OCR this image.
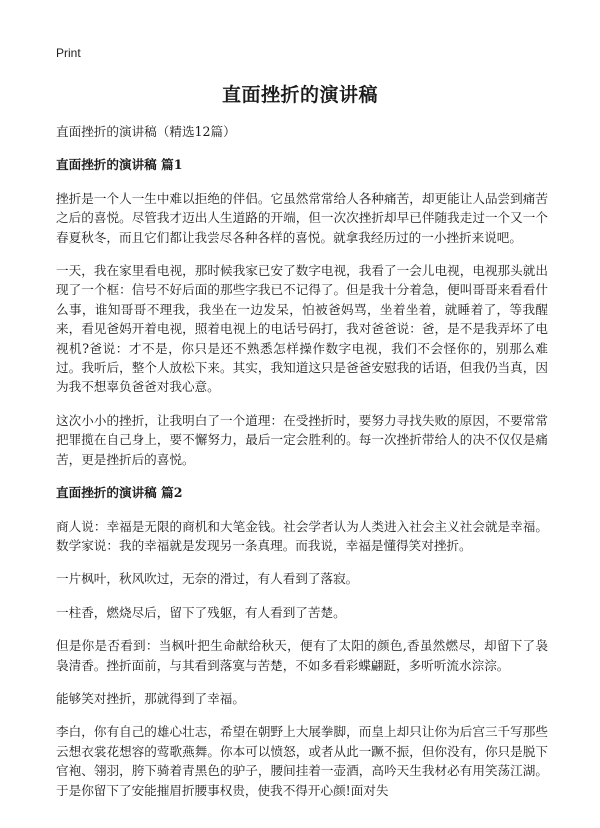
Print
直面挫折的演讲稿

直面挫折的演讲稿（精选12篇）

直面挫折的演讲稿 篇1

挫折是一个人一生中难以拒绝的伴侣。它虽然常常给人各种痛苦，却更能让人品尝到痛苦之后的喜悦。尽管我才迈出人生道路的开端，但一次次挫折却早已伴随我走过一个又一个春夏秋冬，而且它们都让我尝尽各种各样的喜悦。就拿我经历过的一小挫折来说吧。

一天，我在家里看电视，那时候我家已安了数字电视，我看了一会儿电视，电视那头就出现了一个框：信号不好后面的那些字我已不记得了。但是我十分着急，便叫哥哥来看看什么事，谁知哥哥不理我，我坐在一边发呆，怕被爸妈骂，坐着坐着，就睡着了，等我醒来，看见爸妈开着电视，照着电视上的电话号码打，我对爸爸说：爸，是不是我弄坏了电视机?爸说：才不是，你只是还不熟悉怎样操作数字电视，我们不会怪你的，别那么难过。我听后，整个人放松下来。其实，我知道这只是爸爸安慰我的话语，但我仍当真，因为我不想辜负爸爸对我心意。

这次小小的挫折，让我明白了一个道理：在受挫折时，要努力寻找失败的原因，不要常常把罪揽在自己身上，要不懈努力，最后一定会胜利的。每一次挫折带给人的决不仅仅是痛苦，更是挫折后的喜悦。

直面挫折的演讲稿 篇2

商人说：幸福是无限的商机和大笔金钱。社会学者认为人类进入社会主义社会就是幸福。数学家说：我的幸福就是发现另一条真理。而我说，幸福是懂得笑对挫折。

一片枫叶，秋风吹过，无奈的滑过，有人看到了落寂。

一柱香，燃烧尽后，留下了残躯，有人看到了苦楚。

但是你是否看到：当枫叶把生命献给秋天，便有了太阳的颜色,香虽然燃尽，却留下了袅袅清香。挫折面前，与其看到落寞与苦楚，不如多看彩蝶翩跹，多听听流水淙淙。

能够笑对挫折，那就得到了幸福。

李白，你有自己的雄心壮志，希望在朝野上大展拳脚，而皇上却只让你为后宫三千写那些云想衣裳花想容的莺歌燕舞。你本可以愤怒，或者从此一蹶不振，但你没有，你只是脱下官袍、翎羽，胯下骑着青黑色的驴子，腰间挂着一壶酒，高吟天生我材必有用笑荡江湖。于是你留下了安能摧眉折腰事权贵，使我不得开心颜!面对失
